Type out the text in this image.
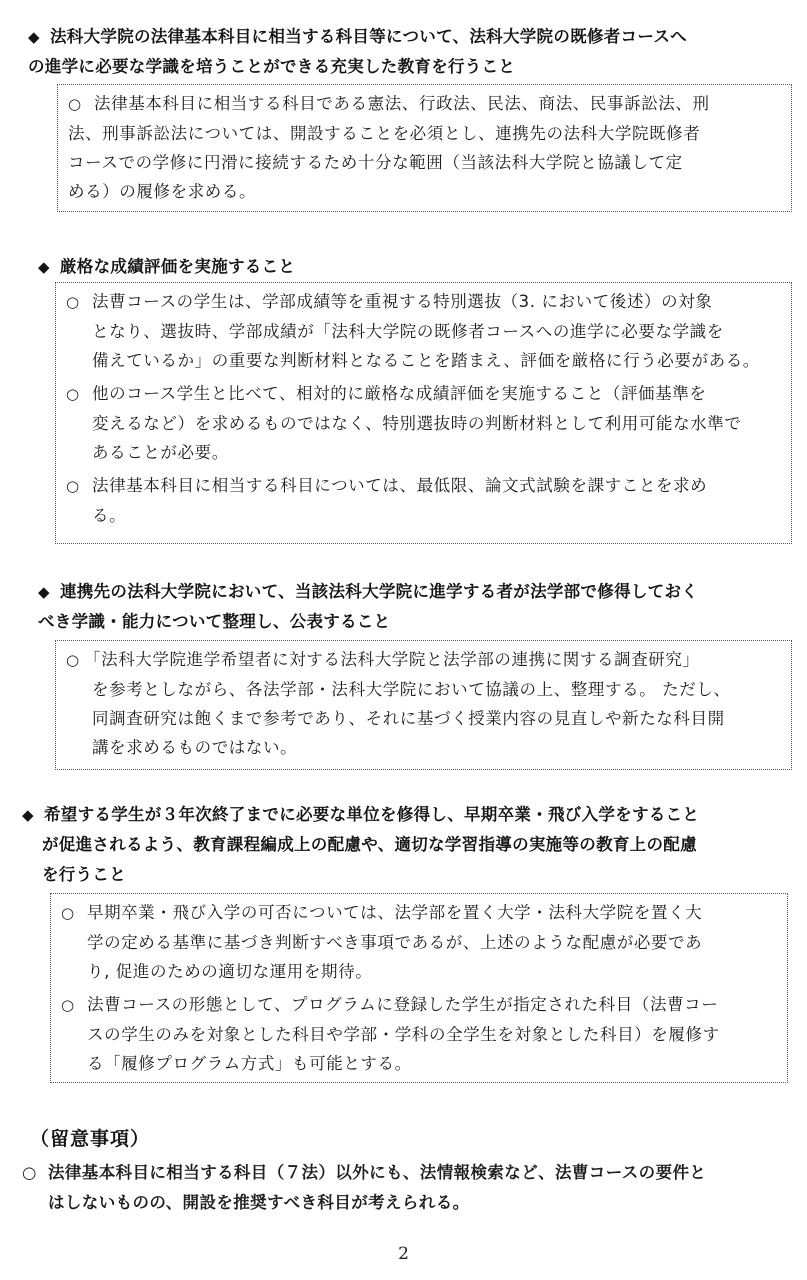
◆ 法科大学院の法律基本科目に相当する科目等について、法科大学院の既修者コースへ
の進学に必要な学識を培うことができる充実した教育を行うこと
○ 法律基本科目に相当する科目である憲法、行政法、民法、商法、民事訴訟法、刑
法、刑事訴訟法については、開設することを必須とし、連携先の法科大学院既修者
コースでの学修に円滑に接続するため十分な範囲（当該法科大学院と協議して定
める）の履修を求める。
◆ 厳格な成績評価を実施すること
○ 法曹コースの学生は、学部成績等を重視する特別選抜（3. において後述）の対象
となり、選抜時、学部成績が「法科大学院の既修者コースへの進学に必要な学識を
備えているか」の重要な判断材料となることを踏まえ、評価を厳格に行う必要がある。
○ 他のコース学生と比べて、相対的に厳格な成績評価を実施すること（評価基準を
変えるなど）を求めるものではなく、特別選抜時の判断材料として利用可能な水準で
あることが必要。
○ 法律基本科目に相当する科目については、最低限、論文式試験を課すことを求め
る。
◆ 連携先の法科大学院において、当該法科大学院に進学する者が法学部で修得しておく
べき学識・能力について整理し、公表すること
○ 「法科大学院進学希望者に対する法科大学院と法学部の連携に関する調査研究」
を参考としながら、各法学部・法科大学院において協議の上、整理する。 ただし、
同調査研究は飽くまで参考であり、それに基づく授業内容の見直しや新たな科目開
講を求めるものではない。
◆ 希望する学生が３年次終了までに必要な単位を修得し、早期卒業・飛び入学をすること
が促進されるよう、教育課程編成上の配慮や、適切な学習指導の実施等の教育上の配慮
を行うこと
○ 早期卒業・飛び入学の可否については、法学部を置く大学・法科大学院を置く大
学の定める基準に基づき判断すべき事項であるが、上述のような配慮が必要であ
り, 促進のための適切な運用を期待。
○ 法曹コースの形態として、プログラムに登録した学生が指定された科目（法曹コー
スの学生のみを対象とした科目や学部・学科の全学生を対象とした科目）を履修す
る「履修プログラム方式」も可能とする。
（留意事項）
○ 法律基本科目に相当する科目（７法）以外にも、法情報検索など、法曹コースの要件と
はしないものの、開設を推奨すべき科目が考えられる。
2
